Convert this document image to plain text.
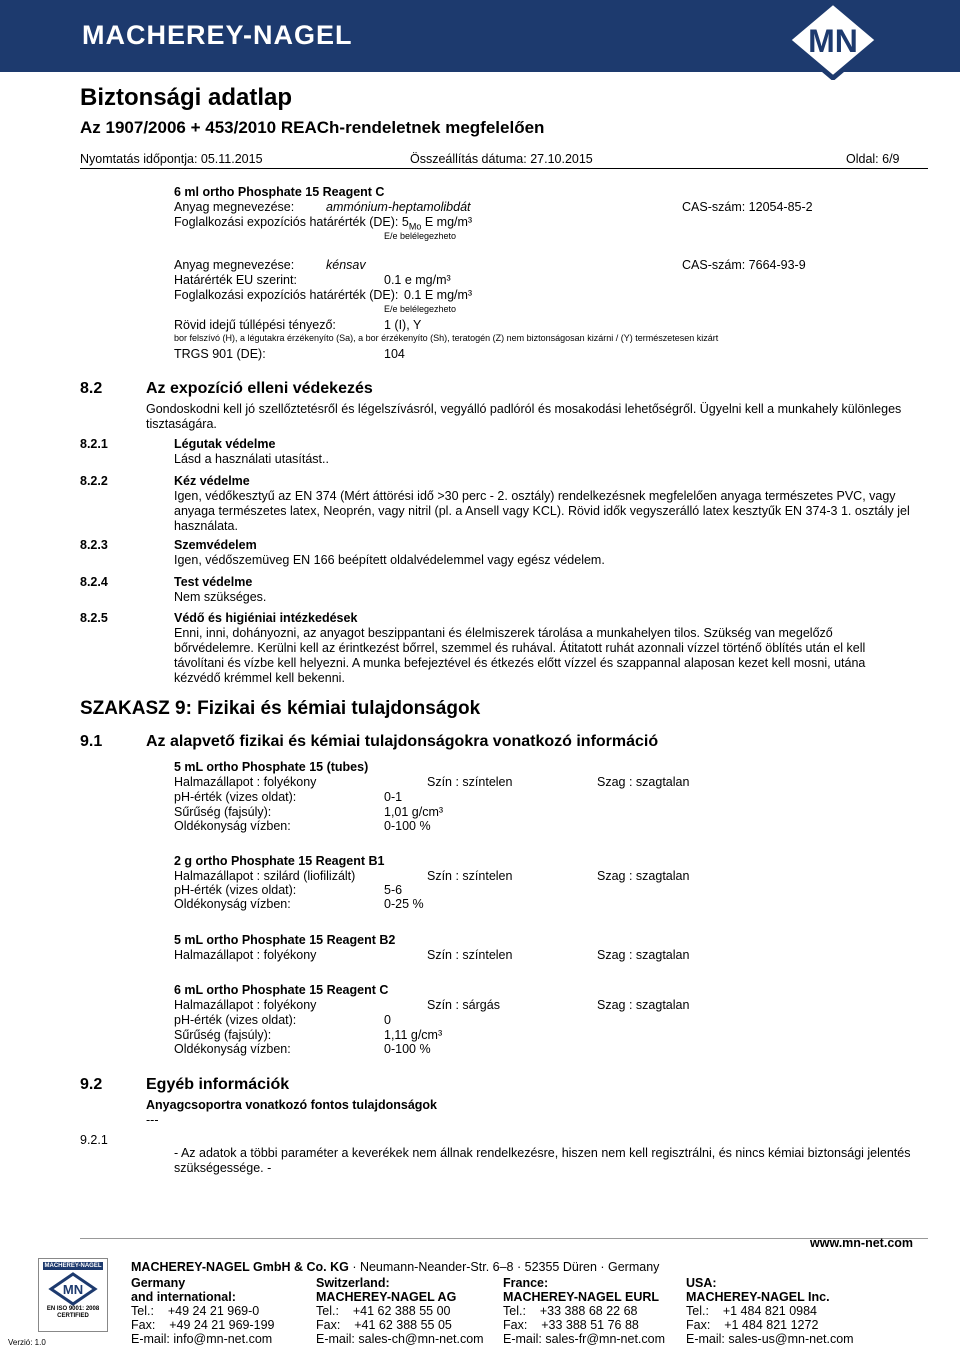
MACHEREY-NAGEL	MN
Biztonsági adatlap
Az 1907/2006 + 453/2010 REACh-rendeletnek megfelelően
Nyomtatás időpontja: 05.11.2015	Összeállítás dátuma: 27.10.2015	Oldal: 6/9
6 ml ortho Phosphate 15 Reagent C
Anyag megnevezése:	ammónium-heptamolibdát	CAS-szám: 12054-85-2
Foglalkozási expozíciós határérték (DE): $5_{Mo}$ E mg/m³
E/e belélegezheto
Anyag megnevezése:	kénsav	CAS-szám: 7664-93-9
Határérték EU szerint:	0.1 e mg/m³
Foglalkozási expozíciós határérték (DE): 0.1 E mg/m³
E/e belélegezheto
Rövid idejű túllépési tényező:	1 (I), Y
bor felszívó (H), a légutakra érzékenyíto (Sa), a bor érzékenyíto (Sh), teratogén (Z) nem biztonságosan kizárni / (Y) természetesen kizárt
TRGS 901 (DE):	104
8.2	Az expozíció elleni védekezés
Gondoskodni kell jó szellőztetésről és légelszívásról, vegyálló padlóról és mosakodási lehetőségről. Ügyelni kell a munkahely különleges tisztaságára.
8.2.1	Légutak védelme
Lásd a használati utasítást..
8.2.2	Kéz védelme
Igen, védőkesztyű az EN 374 (Mért áttörési idő >30 perc - 2. osztály) rendelkezésnek megfelelően anyaga természetes PVC, vagy anyaga természetes latex, Neoprén, vagy nitril (pl. a Ansell vagy KCL). Rövid idők vegyszerálló latex kesztyűk EN 374-3 1. osztály jel használata.
8.2.3	Szemvédelem
Igen, védőszemüveg EN 166 beépített oldalvédelemmel vagy egész védelem.
8.2.4	Test védelme
Nem szükséges.
8.2.5	Védő és higiéniai intézkedések
Enni, inni, dohányozni, az anyagot beszippantani és élelmiszerek tárolása a munkahelyen tilos. Szükség van megelőző bőrvédelemre. Kerülni kell az érintkezést bőrrel, szemmel és ruhával. Átitatott ruhát azonnali vízzel történő öblítés után el kell távolítani és vízbe kell helyezni. A munka befejeztével és étkezés előtt vízzel és szappannal alaposan kezet kell mosni, utána kézvédő krémmel kell bekenni.
SZAKASZ 9: Fizikai és kémiai tulajdonságok
9.1	Az alapvető fizikai és kémiai tulajdonságokra vonatkozó információ
5 mL ortho Phosphate 15 (tubes)
Halmazállapot : folyékony	Szín : színtelen	Szag : szagtalan
pH-érték (vizes oldat):	0-1
Sűrűség (fajsúly):	1,01 g/cm³
Oldékonyság vízben:	0-100 %
2 g ortho Phosphate 15 Reagent B1
Halmazállapot : szilárd (liofilizált)	Szín : színtelen	Szag : szagtalan
pH-érték (vizes oldat):	5-6
Oldékonyság vízben:	0-25 %
5 mL ortho Phosphate 15 Reagent B2
Halmazállapot : folyékony	Szín : színtelen	Szag : szagtalan
6 mL ortho Phosphate 15 Reagent C
Halmazállapot : folyékony	Szín : sárgás	Szag : szagtalan
pH-érték (vizes oldat):	0
Sűrűség (fajsúly):	1,11 g/cm³
Oldékonyság vízben:	0-100 %
9.2	Egyéb információk
Anyagcsoportra vonatkozó fontos tulajdonságok
---
9.2.1
- Az adatok a többi paraméter a keverékek nem állnak rendelkezésre, hiszen nem kell regisztrálni, és nincs kémiai biztonsági jelentés szükségessége. -
MACHEREY-NAGEL
MN
EN ISO 9001: 2008
CERTIFIED
Verzió: 1.0
MACHEREY-NAGEL GmbH & Co. KG · Neumann-Neander-Str. 6–8 · 52355 Düren · Germany
www.mn-net.com
Germany
and international:
Tel.:    +49 24 21 969-0
Fax:    +49 24 21 969-199
E-mail: info@mn-net.com
Switzerland:
MACHEREY-NAGEL AG
Tel.:    +41 62 388 55 00
Fax:    +41 62 388 55 05
E-mail: sales-ch@mn-net.com
France:
MACHEREY-NAGEL EURL
Tel.:    +33 388 68 22 68
Fax:    +33 388 51 76 88
E-mail: sales-fr@mn-net.com
USA:
MACHEREY-NAGEL Inc.
Tel.:    +1 484 821 0984
Fax:    +1 484 821 1272
E-mail: sales-us@mn-net.com
